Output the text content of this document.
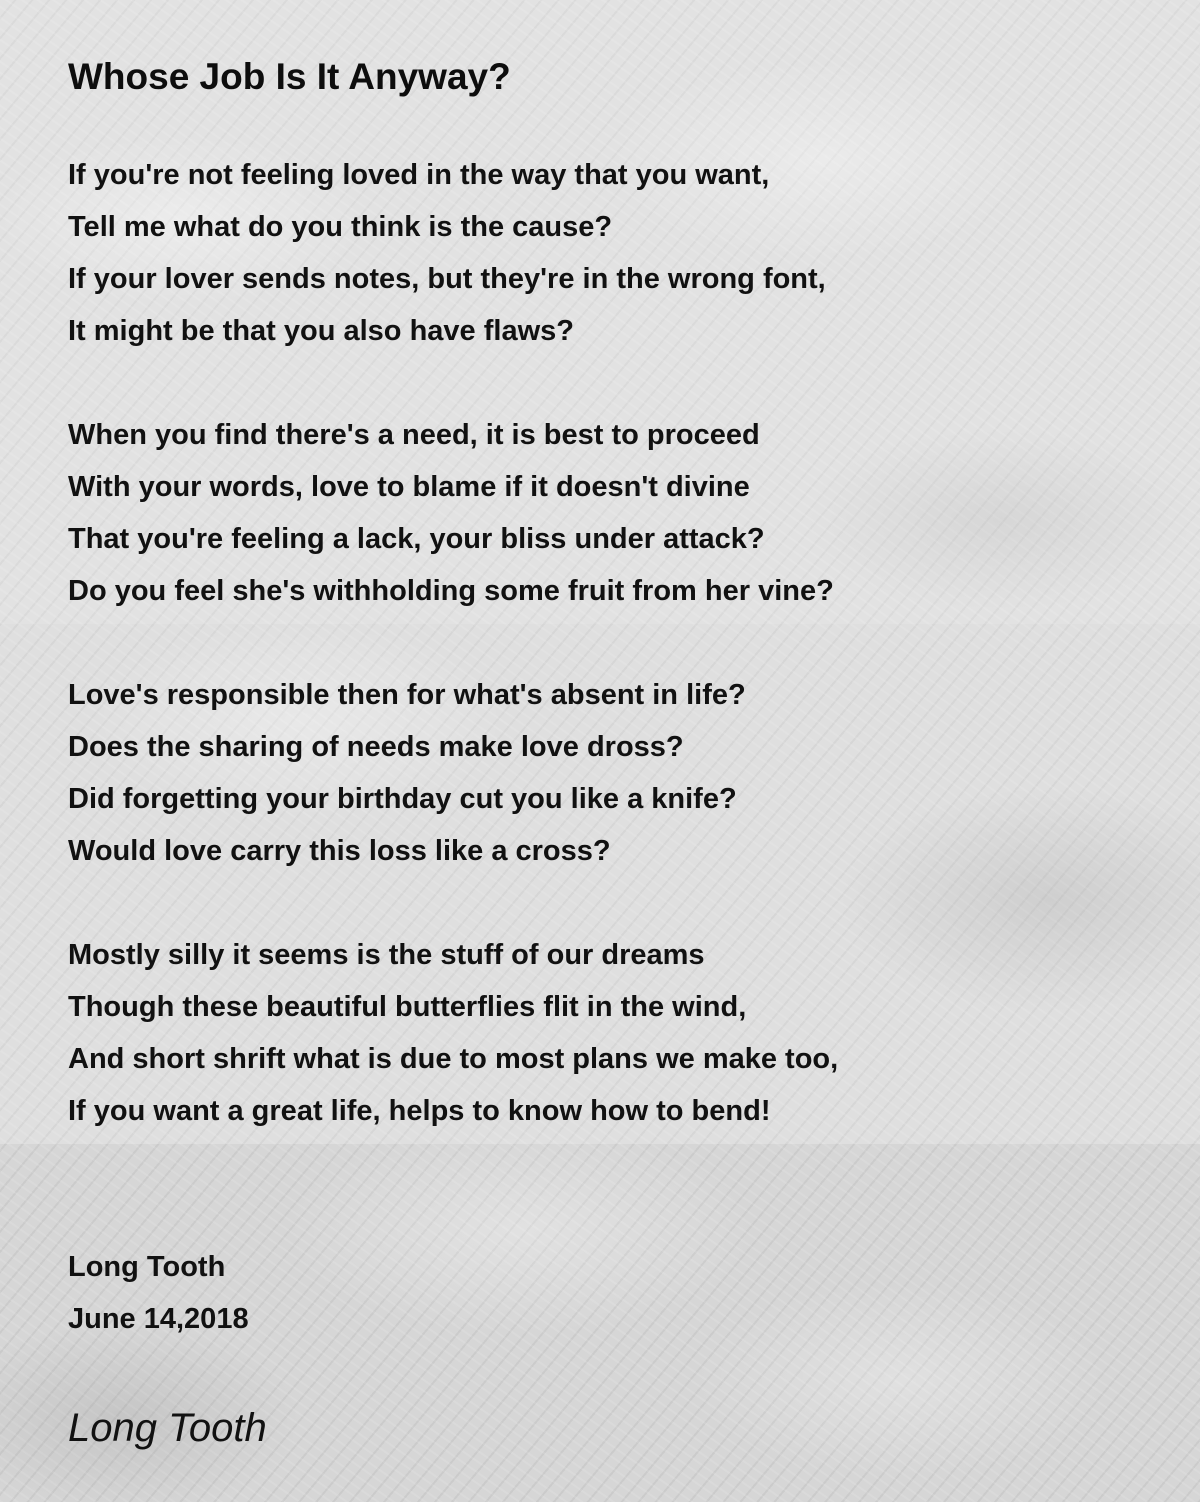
Whose Job Is It Anyway?
If you're not feeling loved in the way that you want,
Tell me what do you think is the cause?
If your lover sends notes, but they're in the wrong font,
It might be that you also have flaws?
When you find there's a need, it is best to proceed
With your words, love to blame if it doesn't divine
That you're feeling a lack, your bliss under attack?
Do you feel she's withholding some fruit from her vine?
Love's responsible then for what's absent in life?
Does the sharing of needs make love dross?
Did forgetting your birthday cut you like a knife?
Would love carry this loss like a cross?
Mostly silly it seems is the stuff of our dreams
Though these beautiful butterflies flit in the wind,
And short shrift what is due to most plans we make too,
If you want a great life, helps to know how to bend!
Long Tooth
June 14,2018
Long Tooth
